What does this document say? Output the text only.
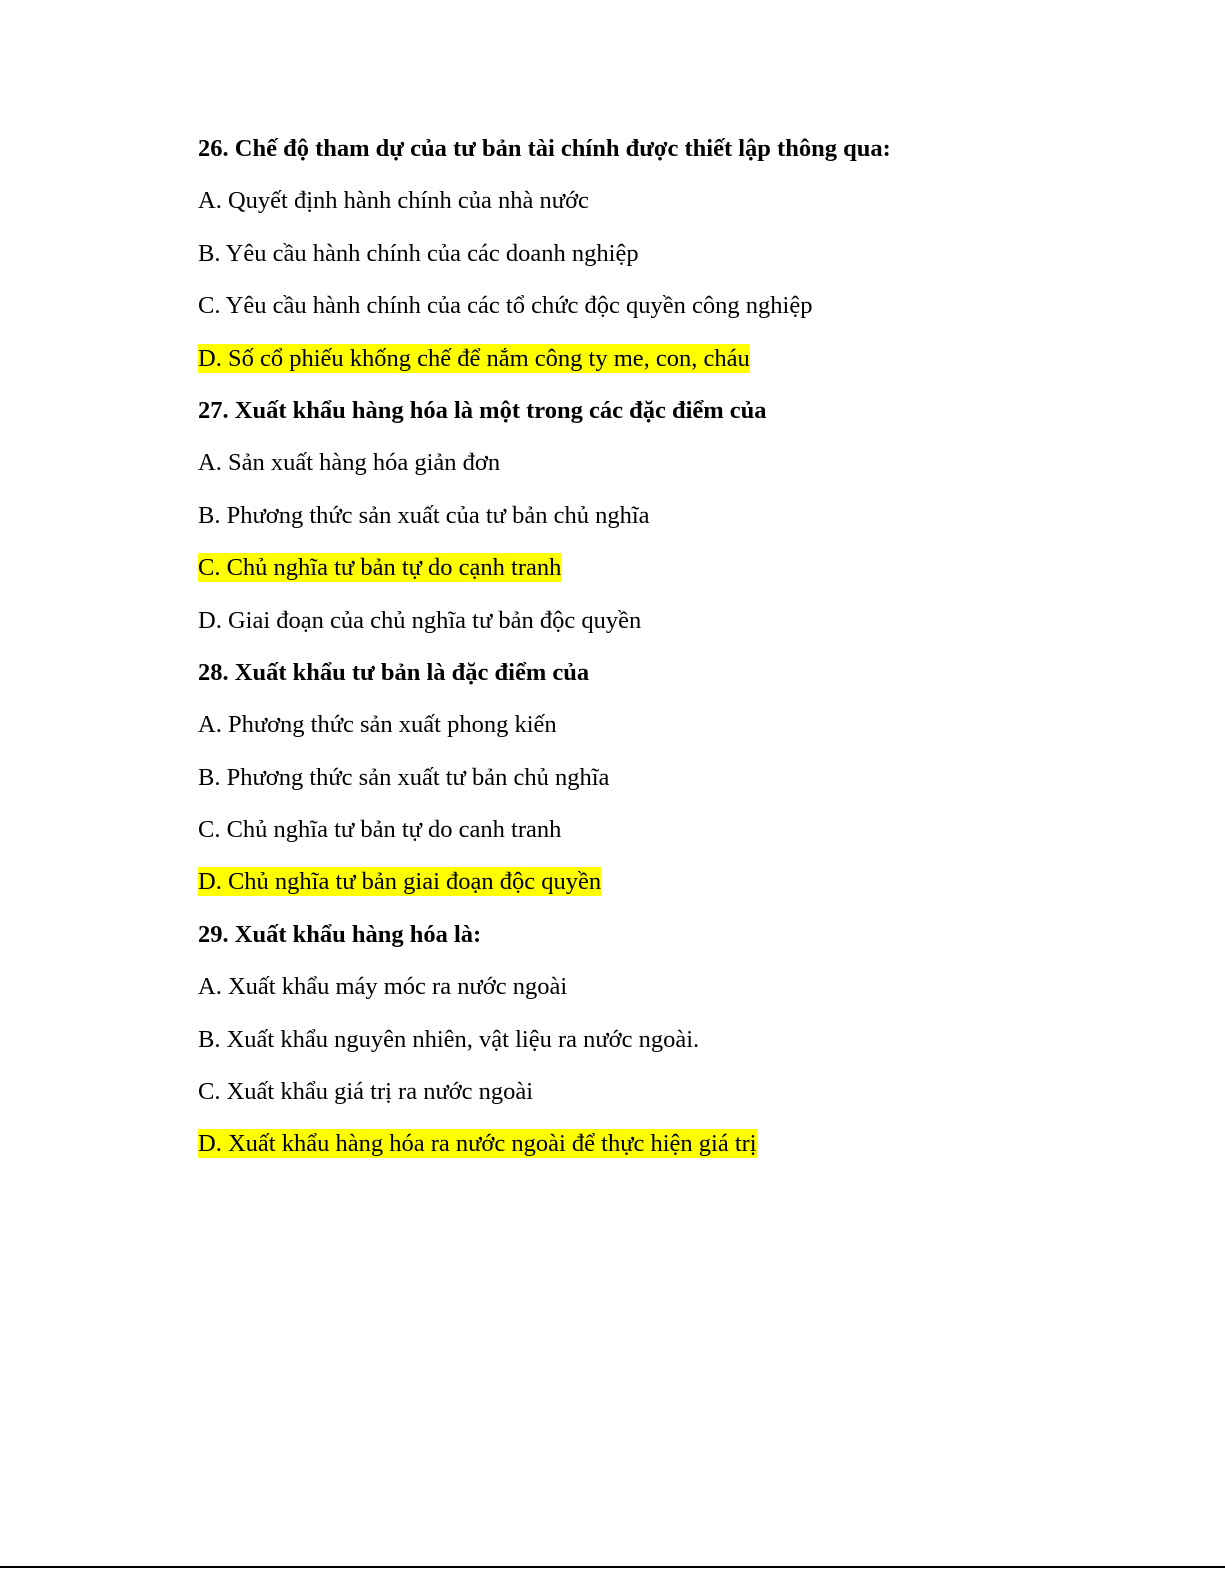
26. Chế độ tham dự của tư bản tài chính được thiết lập thông qua:
A. Quyết định hành chính của nhà nước
B. Yêu cầu hành chính của các doanh nghiệp
C. Yêu cầu hành chính của các tổ chức độc quyền công nghiệp
D. Số cổ phiếu khống chế để nắm công ty me, con, cháu
27. Xuất khẩu hàng hóa là một trong các đặc điểm của
A. Sản xuất hàng hóa giản đơn
B. Phương thức sản xuất của tư bản chủ nghĩa
C. Chủ nghĩa tư bản tự do cạnh tranh
D. Giai đoạn của chủ nghĩa tư bản độc quyền
28. Xuất khẩu tư bản là đặc điểm của
A. Phương thức sản xuất phong kiến
B. Phương thức sản xuất tư bản chủ nghĩa
C. Chủ nghĩa tư bản tự do canh tranh
D. Chủ nghĩa tư bản giai đoạn độc quyền
29. Xuất khẩu hàng hóa là:
A. Xuất khẩu máy móc ra nước ngoài
B. Xuất khẩu nguyên nhiên, vật liệu ra nước ngoài.
C. Xuất khẩu giá trị ra nước ngoài
D. Xuất khẩu hàng hóa ra nước ngoài để thực hiện giá trị
